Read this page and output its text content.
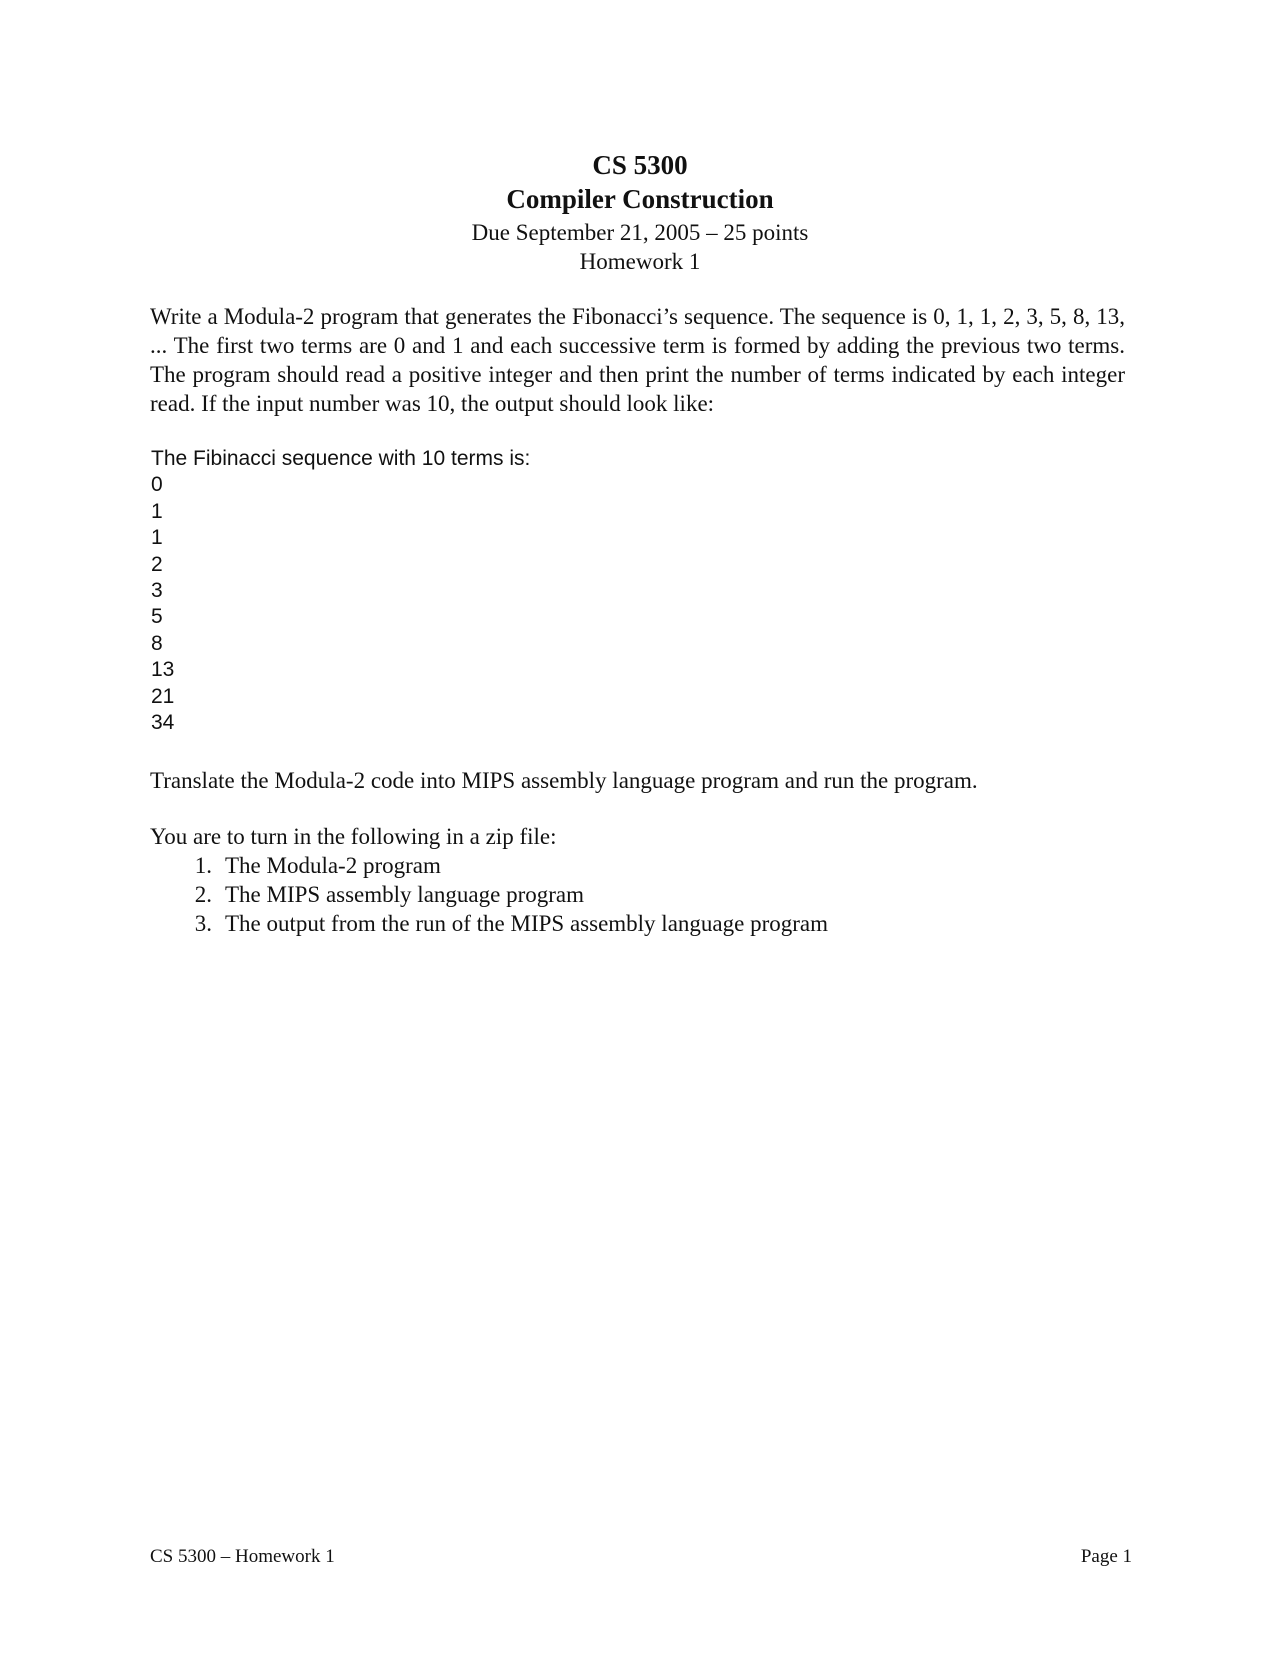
CS 5300
Compiler Construction
Due September 21, 2005 – 25 points
Homework 1

Write a Modula-2 program that generates the Fibonacci’s sequence. The sequence is 0, 1, 1, 2, 3, 5, 8, 13, ... The first two terms are 0 and 1 and each successive term is formed by adding the previous two terms. The program should read a positive integer and then print the number of terms indicated by each integer read. If the input number was 10, the output should look like:

The Fibinacci sequence with 10 terms is:
0
1
1
2
3
5
8
13
21
34

Translate the Modula-2 code into MIPS assembly language program and run the program.

You are to turn in the following in a zip file:

1. The Modula-2 program
2. The MIPS assembly language program
3. The output from the run of the MIPS assembly language program
CS 5300 – Homework 1	Page 1
